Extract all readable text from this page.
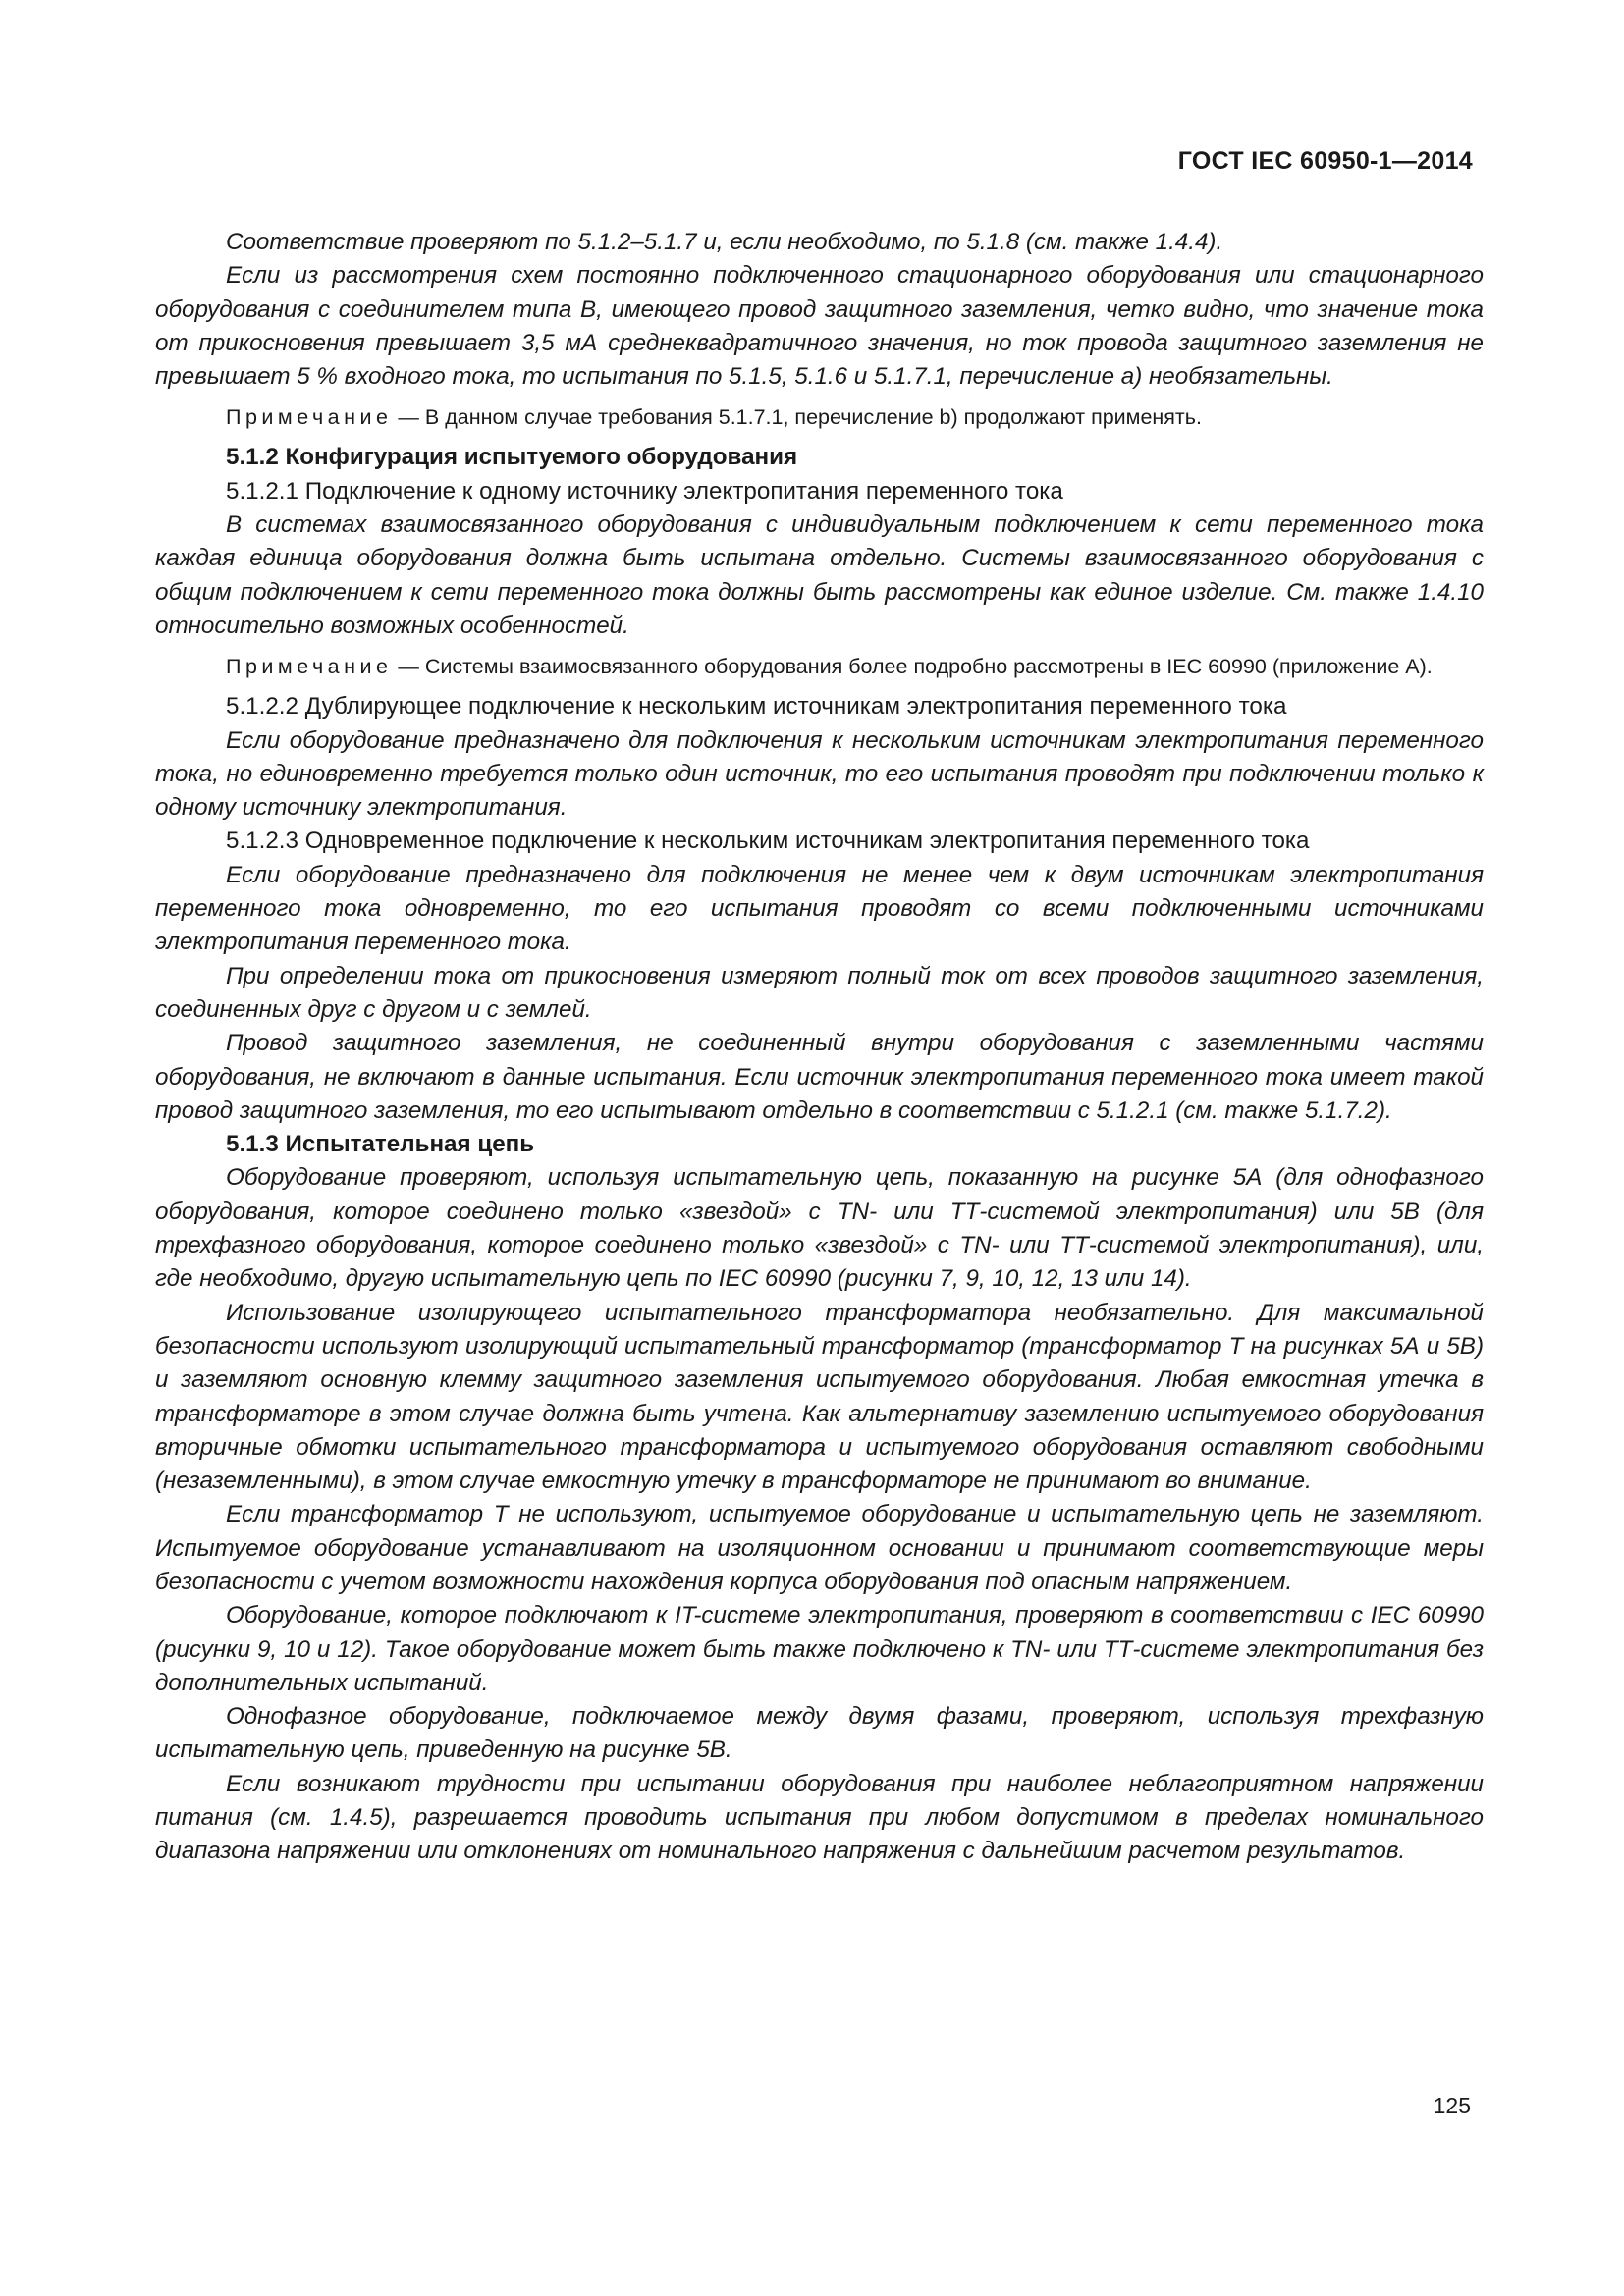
ГОСТ IEC 60950-1—2014

Соответствие проверяют по 5.1.2–5.1.7 и, если необходимо, по 5.1.8 (см. также 1.4.4).

Если из рассмотрения схем постоянно подключенного стационарного оборудования или стационарного оборудования с соединителем типа В, имеющего провод защитного заземления, четко видно, что значение тока от прикосновения превышает 3,5 мА среднеквадратичного значения, но ток провода защитного заземления не превышает 5 % входного тока, то испытания по 5.1.5, 5.1.6 и 5.1.7.1, перечисление а) необязательны.

Примечание — В данном случае требования 5.1.7.1, перечисление b) продолжают применять.

5.1.2 Конфигурация испытуемого оборудования

5.1.2.1 Подключение к одному источнику электропитания переменного тока

В системах взаимосвязанного оборудования с индивидуальным подключением к сети переменного тока каждая единица оборудования должна быть испытана отдельно. Системы взаимосвязанного оборудования с общим подключением к сети переменного тока должны быть рассмотрены как единое изделие. См. также 1.4.10 относительно возможных особенностей.

Примечание — Системы взаимосвязанного оборудования более подробно рассмотрены в IEC 60990 (приложение А).

5.1.2.2 Дублирующее подключение к нескольким источникам электропитания переменного тока

Если оборудование предназначено для подключения к нескольким источникам электропитания переменного тока, но единовременно требуется только один источник, то его испытания проводят при подключении только к одному источнику электропитания.

5.1.2.3 Одновременное подключение к нескольким источникам электропитания переменного тока

Если оборудование предназначено для подключения не менее чем к двум источникам электропитания переменного тока одновременно, то его испытания проводят со всеми подключенными источниками электропитания переменного тока.

При определении тока от прикосновения измеряют полный ток от всех проводов защитного заземления, соединенных друг с другом и с землей.

Провод защитного заземления, не соединенный внутри оборудования с заземленными частями оборудования, не включают в данные испытания. Если источник электропитания переменного тока имеет такой провод защитного заземления, то его испытывают отдельно в соответствии с 5.1.2.1 (см. также 5.1.7.2).

5.1.3 Испытательная цепь

Оборудование проверяют, используя испытательную цепь, показанную на рисунке 5А (для однофазного оборудования, которое соединено только «звездой» с TN- или ТТ-системой электропитания) или 5В (для трехфазного оборудования, которое соединено только «звездой» с TN- или ТТ-системой электропитания), или, где необходимо, другую испытательную цепь по IEC 60990 (рисунки 7, 9, 10, 12, 13 или 14).

Использование изолирующего испытательного трансформатора необязательно. Для максимальной безопасности используют изолирующий испытательный трансформатор (трансформатор Т на рисунках 5А и 5В) и заземляют основную клемму защитного заземления испытуемого оборудования. Любая емкостная утечка в трансформаторе в этом случае должна быть учтена. Как альтернативу заземлению испытуемого оборудования вторичные обмотки испытательного трансформатора и испытуемого оборудования оставляют свободными (незаземленными), в этом случае емкостную утечку в трансформаторе не принимают во внимание.

Если трансформатор Т не используют, испытуемое оборудование и испытательную цепь не заземляют. Испытуемое оборудование устанавливают на изоляционном основании и принимают соответствующие меры безопасности с учетом возможности нахождения корпуса оборудования под опасным напряжением.

Оборудование, которое подключают к IT-системе электропитания, проверяют в соответствии с IEC 60990 (рисунки 9, 10 и 12). Такое оборудование может быть также подключено к TN- или ТТ-системе электропитания без дополнительных испытаний.

Однофазное оборудование, подключаемое между двумя фазами, проверяют, используя трехфазную испытательную цепь, приведенную на рисунке 5В.

Если возникают трудности при испытании оборудования при наиболее неблагоприятном напряжении питания (см. 1.4.5), разрешается проводить испытания при любом допустимом в пределах номинального диапазона напряжении или отклонениях от номинального напряжения с дальнейшим расчетом результатов.

125
